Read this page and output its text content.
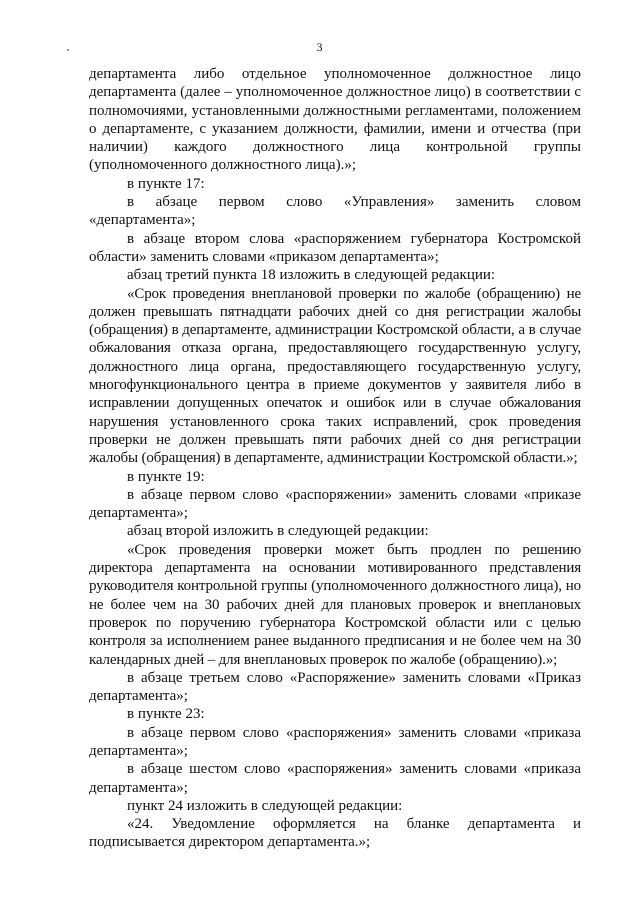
3

департамента либо отдельное уполномоченное должностное лицо департамента (далее – уполномоченное должностное лицо) в соответствии с полномочиями, установленными должностными регламентами, положением о департаменте, с указанием должности, фамилии, имени и отчества (при наличии) каждого должностного лица контрольной группы (уполномоченного должностного лица).»;

в пункте 17:

в абзаце первом слово «Управления» заменить словом «департамента»;

в абзаце втором слова «распоряжением губернатора Костромской области» заменить словами «приказом департамента»;

абзац третий пункта 18 изложить в следующей редакции:

«Срок проведения внеплановой проверки по жалобе (обращению) не должен превышать пятнадцати рабочих дней со дня регистрации жалобы (обращения) в департаменте, администрации Костромской области, а в случае обжалования отказа органа, предоставляющего государственную услугу, должностного лица органа, предоставляющего государственную услугу, многофункционального центра в приеме документов у заявителя либо в исправлении допущенных опечаток и ошибок или в случае обжалования нарушения установленного срока таких исправлений, срок проведения проверки не должен превышать пяти рабочих дней со дня регистрации жалобы (обращения) в департаменте, администрации Костромской области.»;

в пункте 19:

в абзаце первом слово «распоряжении» заменить словами «приказе департамента»;

абзац второй изложить в следующей редакции:

«Срок проведения проверки может быть продлен по решению директора департамента на основании мотивированного представления руководителя контрольной группы (уполномоченного должностного лица), но не более чем на 30 рабочих дней для плановых проверок и внеплановых проверок по поручению губернатора Костромской области или с целью контроля за исполнением ранее выданного предписания и не более чем на 30 календарных дней – для внеплановых проверок по жалобе (обращению).»;

в абзаце третьем слово «Распоряжение» заменить словами «Приказ департамента»;

в пункте 23:

в абзаце первом слово «распоряжения» заменить словами «приказа департамента»;

в абзаце шестом слово «распоряжения» заменить словами «приказа департамента»;

пункт 24 изложить в следующей редакции:

«24. Уведомление оформляется на бланке департамента и подписывается директором департамента.»;
